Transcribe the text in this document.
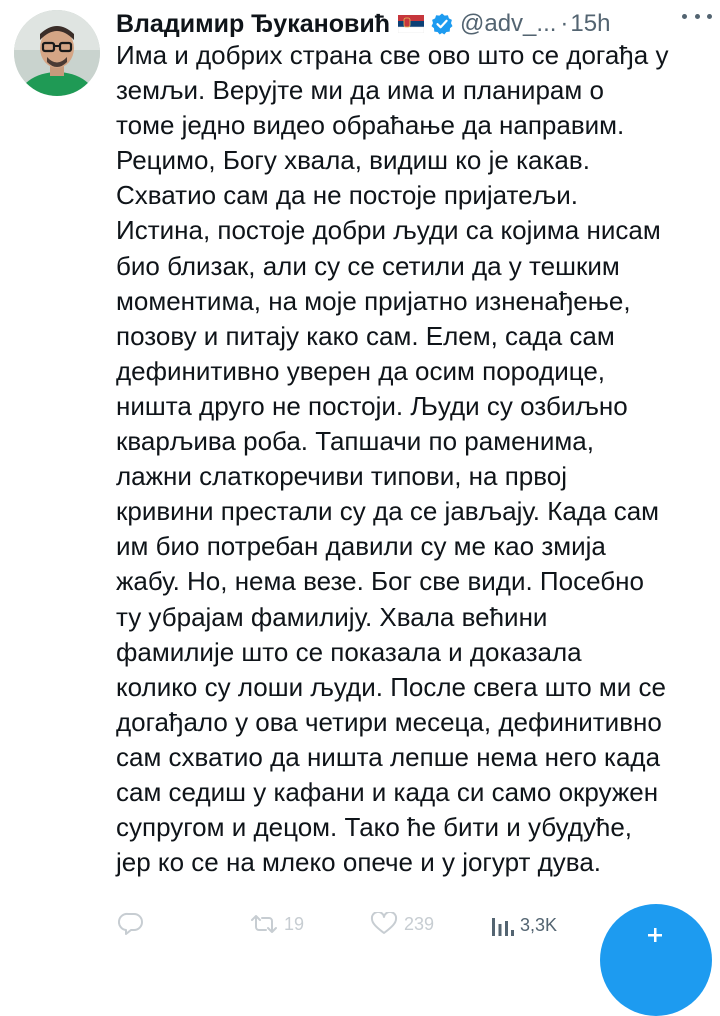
Владимир Ђукановић	@adv_... · 15h
Има и добрих страна све ово што се догађа у
земљи. Верујте ми да има и планирам о
томе једно видео обраћање да направим.
Рецимо, Богу хвала, видиш ко је какав.
Схватио сам да не постоје пријатељи.
Истина, постоје добри људи са којима нисам
био близак, али су се сетили да у тешким
моментима, на моје пријатно изненађење,
позову и питају како сам. Елем, сада сам
дефинитивно уверен да осим породице,
ништа друго не постоји. Људи су озбиљно
кварљива роба. Тапшачи по раменима,
лажни слаткоречиви типови, на првој
кривини престали су да се јављају. Када сам
им био потребан давили су ме као змија
жабу. Но, нема везе. Бог све види. Посебно
ту убрајам фамилију. Хвала већини
фамилије што се показала и доказала
колико су лоши људи. После свега што ми се
догађало у ова четири месеца, дефинитивно
сам схватио да ништа лепше нема него када
сам седиш у кафани и када си само окружен
супругом и децом. Тако ће бити и убудуће,
јер ко се на млеко опече и у јогурт дува.
19	239	3,3K
